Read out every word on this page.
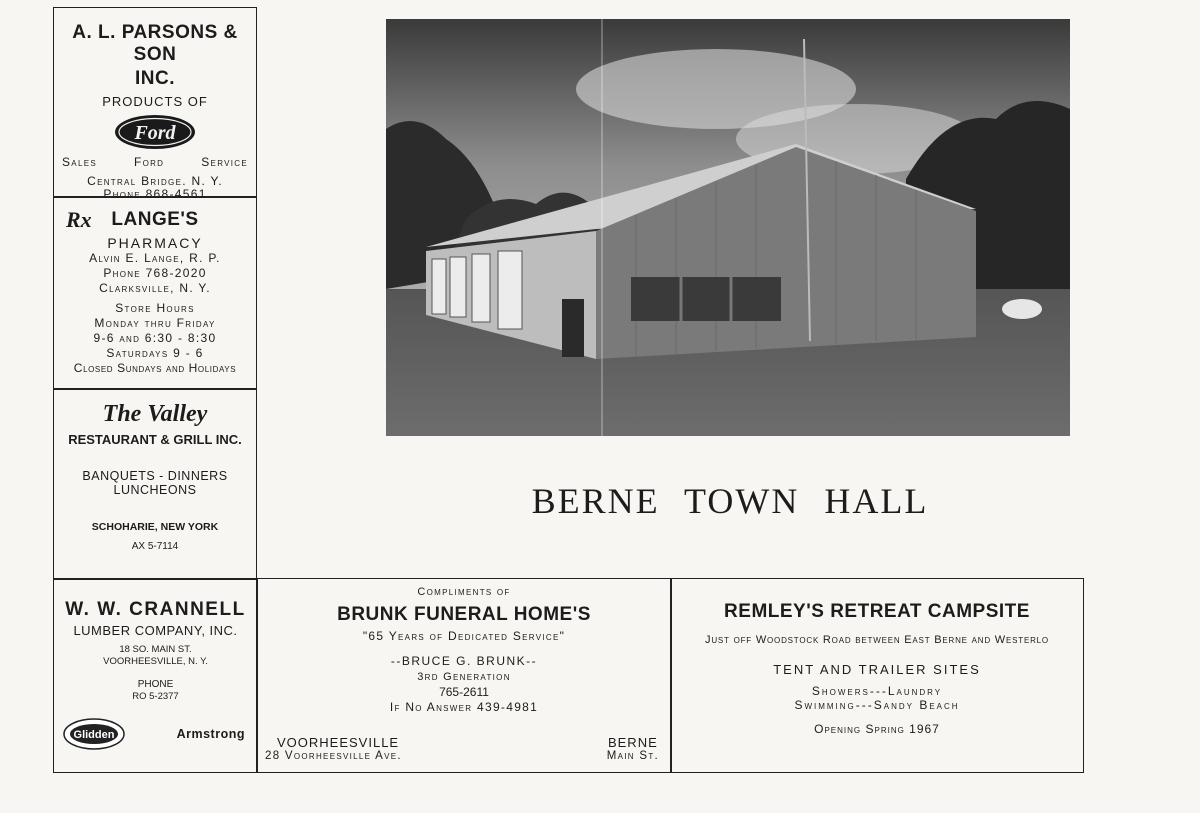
A. L. PARSONS & SON
INC.
PRODUCTS OF
Ford
Sales	Ford	Service
Central Bridge. N. Y.
Phone 868-4561
Rx LANGE'S
PHARMACY
Alvin E. Lange, R. P.
Phone 768-2020
Clarksville, N. Y.
Store Hours
Monday thru Friday
9-6 and 6:30 - 8:30
Saturdays 9 - 6
Closed Sundays and Holidays
The Valley
RESTAURANT & GRILL INC.
BANQUETS - DINNERS
LUNCHEONS
SCHOHARIE, NEW YORK
AX 5-7114
W. W. CRANNELL
LUMBER COMPANY, INC.
18 SO. MAIN ST.
VOORHEESVILLE, N. Y.
PHONE
RO 5-2377
Glidden	Armstrong
Compliments of
BRUNK FUNERAL HOME'S
"65 Years of Dedicated Service"
--BRUCE G. BRUNK--
3rd Generation
765-2611
If No Answer 439-4981
VOORHEESVILLE
28 Voorheesville Ave.
BERNE
Main St.
REMLEY'S RETREAT CAMPSITE
Just off Woodstock Road between East Berne and Westerlo
TENT AND TRAILER SITES
Showers---Laundry
Swimming---Sandy Beach
Opening Spring 1967
BERNE TOWN HALL
